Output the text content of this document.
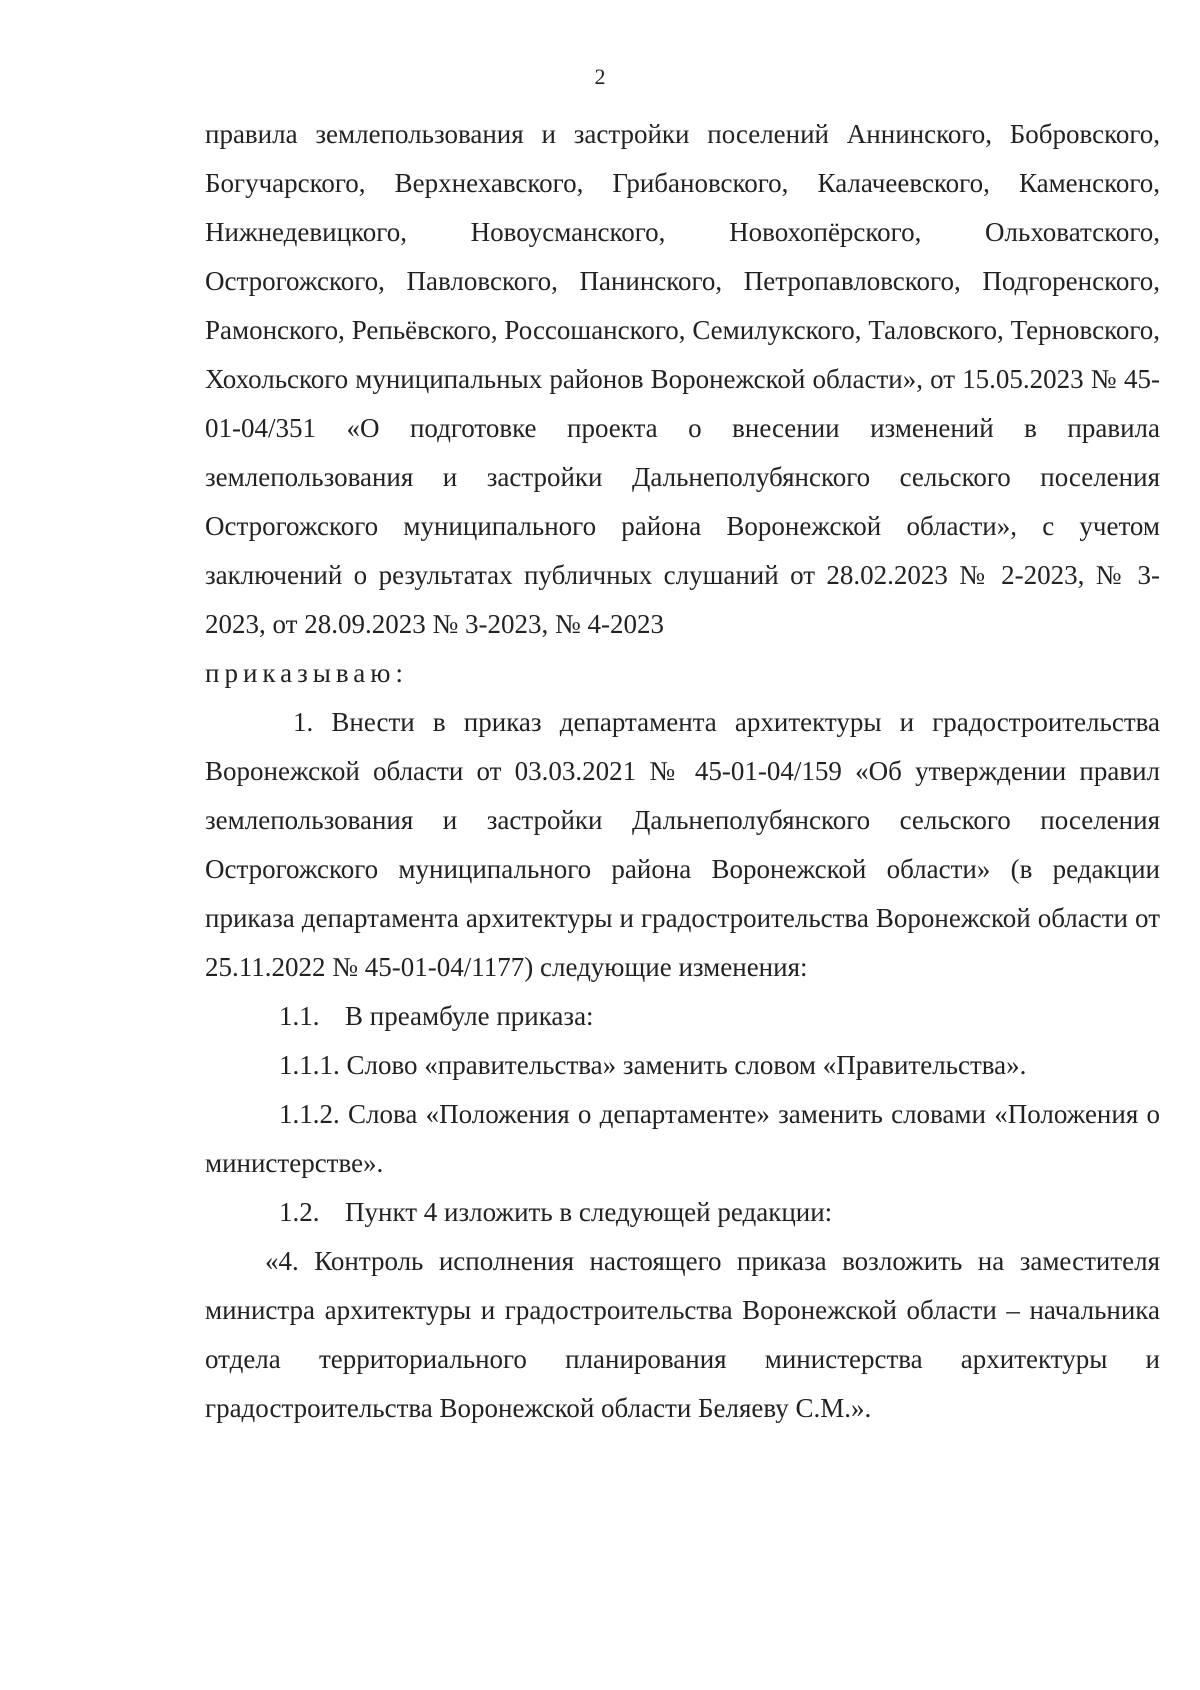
2

правила землепользования и застройки поселений Аннинского, Бобровского, Богучарского, Верхнехавского, Грибановского, Калачеевского, Каменского, Нижнедевицкого, Новоусманского, Новохопёрского, Ольховатского, Острогожского, Павловского, Панинского, Петропавловского, Подгоренского, Рамонского, Репьёвского, Россошанского, Семилукского, Таловского, Терновского, Хохольского муниципальных районов Воронежской области», от 15.05.2023 № 45-01-04/351 «О подготовке проекта о внесении изменений в правила землепользования и застройки Дальнеполубянского сельского поселения Острогожского муниципального района Воронежской области», с учетом заключений о результатах публичных слушаний от 28.02.2023 № 2-2023, № 3-2023, от 28.09.2023 № 3-2023, № 4-2023

приказываю:

1. Внести в приказ департамента архитектуры и градостроительства Воронежской области от 03.03.2021 № 45-01-04/159 «Об утверждении правил землепользования и застройки Дальнеполубянского сельского поселения Острогожского муниципального района Воронежской области» (в редакции приказа департамента архитектуры и градостроительства Воронежской области от 25.11.2022 № 45-01-04/1177) следующие изменения:

1.1. В преамбуле приказа:

1.1.1. Слово «правительства» заменить словом «Правительства».

1.1.2. Слова «Положения о департаменте» заменить словами «Положения о министерстве».

1.2. Пункт 4 изложить в следующей редакции:

«4. Контроль исполнения настоящего приказа возложить на заместителя министра архитектуры и градостроительства Воронежской области – начальника отдела территориального планирования министерства архитектуры и градостроительства Воронежской области Беляеву С.М.».
